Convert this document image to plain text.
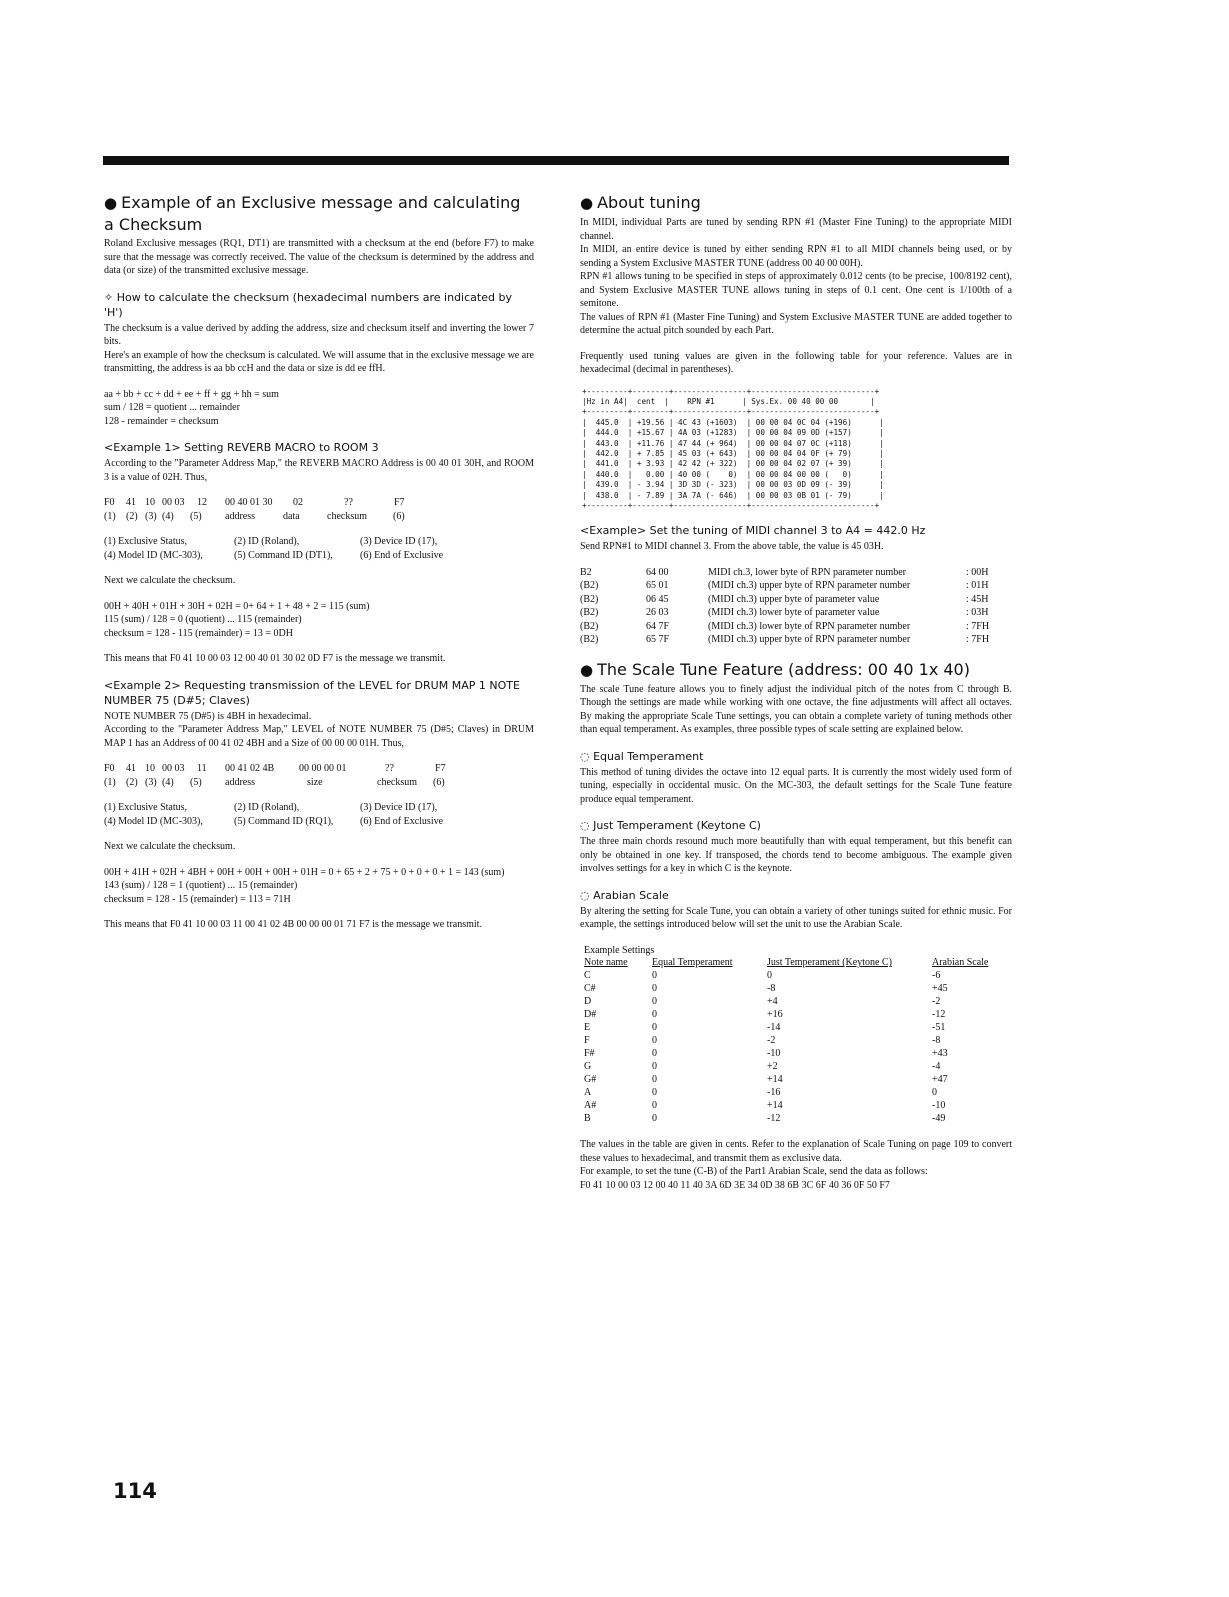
● Example of an Exclusive message and calculating a Checksum

Roland Exclusive messages (RQ1, DT1) are transmitted with a checksum at the end (before F7) to make sure that the message was correctly received. The value of the checksum is determined by the address and data (or size) of the transmitted exclusive message.

✧ How to calculate the checksum (hexadecimal numbers are indicated by 'H')

The checksum is a value derived by adding the address, size and checksum itself and inverting the lower 7 bits.

Here's an example of how the checksum is calculated. We will assume that in the exclusive message we are transmitting, the address is aa bb ccH and the data or size is dd ee ffH.

aa + bb + cc + dd + ee + ff + gg + hh = sum
sum / 128 = quotient ... remainder
128 - remainder = checksum
<Example 1> Setting REVERB MACRO to ROOM 3

According to the "Parameter Address Map," the REVERB MACRO Address is 00 40 01 30H, and ROOM 3 is a value of 02H. Thus,

F0	41 10 00 03	12	00 40 01 30	02	??	F7
(1)	(2) (3) (4)	(5)	address	data	checksum	(6)
(1) Exclusive Status,	(2) ID (Roland),	(3) Device ID (17),
(4) Model ID (MC-303),	(5) Command ID (DT1),	(6) End of Exclusive
Next we calculate the checksum.
00H + 40H + 01H + 30H + 02H = 0+ 64 + 1 + 48 + 2 = 115 (sum)
115 (sum) / 128 = 0 (quotient) ... 115 (remainder)
checksum = 128 - 115 (remainder) = 13 = 0DH
This means that F0 41 10 00 03 12 00 40 01 30 02 0D F7 is the message we transmit.
<Example 2> Requesting transmission of the LEVEL for DRUM MAP 1 NOTE NUMBER 75 (D#5; Claves)

NOTE NUMBER 75 (D#5) is 4BH in hexadecimal.

According to the "Parameter Address Map," LEVEL of NOTE NUMBER 75 (D#5; Claves) in DRUM MAP 1 has an Address of 00 41 02 4BH and a Size of 00 00 00 01H. Thus,

F0	41 10 00 03	11	00 41 02 4B	00 00 00 01	??	F7
(1)	(2) (3) (4)	(5)	address	size	checksum	(6)
(1) Exclusive Status,	(2) ID (Roland),	(3) Device ID (17),
(4) Model ID (MC-303),	(5) Command ID (RQ1),	(6) End of Exclusive
Next we calculate the checksum.

00H + 41H + 02H + 4BH + 00H + 00H + 00H + 01H = 0 + 65 + 2 + 75 + 0 + 0 + 0 + 1 = 143 (sum)

143 (sum) / 128 = 1 (quotient) ... 15 (remainder)
checksum = 128 - 15 (remainder) = 113 = 71H
This means that F0 41 10 00 03 11 00 41 02 4B 00 00 00 01 71 F7 is the message we transmit.
● About tuning

In MIDI, individual Parts are tuned by sending RPN #1 (Master Fine Tuning) to the appropriate MIDI channel.

In MIDI, an entire device is tuned by either sending RPN #1 to all MIDI channels being used, or by sending a System Exclusive MASTER TUNE (address 00 40 00 00H).

RPN #1 allows tuning to be specified in steps of approximately 0.012 cents (to be precise, 100/8192 cent), and System Exclusive MASTER TUNE allows tuning in steps of 0.1 cent. One cent is 1/100th of a semitone.

The values of RPN #1 (Master Fine Tuning) and System Exclusive MASTER TUNE are added together to determine the actual pitch sounded by each Part.

Frequently used tuning values are given in the following table for your reference. Values are in hexadecimal (decimal in parentheses).

+---------+--------+----------------+---------------------------+
|Hz in A4|  cent  |    RPN #1      | Sys.Ex. 00 40 00 00       |
+---------+--------+----------------+---------------------------+
|  445.0  | +19.56 | 4C 43 (+1603)  | 00 00 04 0C 04 (+196)      |
|  444.0  | +15.67 | 4A 03 (+1283)  | 00 00 04 09 0D (+157)      |
|  443.0  | +11.76 | 47 44 (+ 964)  | 00 00 04 07 0C (+118)      |
|  442.0  | + 7.85 | 45 03 (+ 643)  | 00 00 04 04 0F (+ 79)      |
|  441.0  | + 3.93 | 42 42 (+ 322)  | 00 00 04 02 07 (+ 39)      |
|  440.0  |   0.00 | 40 00 (    0)  | 00 00 04 00 00 (   0)      |
|  439.0  | - 3.94 | 3D 3D (- 323)  | 00 00 03 0D 09 (- 39)      |
|  438.0  | - 7.89 | 3A 7A (- 646)  | 00 00 03 0B 01 (- 79)      |
+---------+--------+----------------+---------------------------+
<Example> Set the tuning of MIDI channel 3 to A4 = 442.0 Hz
Send RPN#1 to MIDI channel 3. From the above table, the value is 45 03H.
B2	64 00	MIDI ch.3, lower byte of RPN parameter number	: 00H
(B2)	65 01	(MIDI ch.3) upper byte of RPN parameter number	: 01H
(B2)	06 45	(MIDI ch.3) upper byte of parameter value	: 45H
(B2)	26 03	(MIDI ch.3) lower byte of parameter value	: 03H
(B2)	64 7F	(MIDI ch.3) lower byte of RPN parameter number	: 7FH
(B2)	65 7F	(MIDI ch.3) upper byte of RPN parameter number	: 7FH
● The Scale Tune Feature (address: 00 40 1x 40)

The scale Tune feature allows you to finely adjust the individual pitch of the notes from C through B. Though the settings are made while working with one octave, the fine adjustments will affect all octaves. By making the appropriate Scale Tune settings, you can obtain a complete variety of tuning methods other than equal temperament. As examples, three possible types of scale setting are explained below.

◌ Equal Temperament

This method of tuning divides the octave into 12 equal parts. It is currently the most widely used form of tuning, especially in occidental music. On the MC-303, the default settings for the Scale Tune feature produce equal temperament.

◌ Just Temperament (Keytone C)

The three main chords resound much more beautifully than with equal temperament, but this benefit can only be obtained in one key. If transposed, the chords tend to become ambiguous. The example given involves settings for a key in which C is the keynote.

◌ Arabian Scale

By altering the setting for Scale Tune, you can obtain a variety of other tunings suited for ethnic music. For example, the settings introduced below will set the unit to use the Arabian Scale.

Example Settings
Note name	Equal Temperament	Just Temperament (Keytone C)	Arabian Scale
C	0	0	-6
C#	0	-8	+45
D	0	+4	-2
D#	0	+16	-12
E	0	-14	-51
F	0	-2	-8
F#	0	-10	+43
G	0	+2	-4
G#	0	+14	+47
A	0	-16	0
A#	0	+14	-10
B	0	-12	-49

The values in the table are given in cents. Refer to the explanation of Scale Tuning on page 109 to convert these values to hexadecimal, and transmit them as exclusive data.

For example, to set the tune (C-B) of the Part1 Arabian Scale, send the data as follows:

F0 41 10 00 03 12 00 40 11 40 3A 6D 3E 34 0D 38 6B 3C 6F 40 36 0F 50 F7

114
